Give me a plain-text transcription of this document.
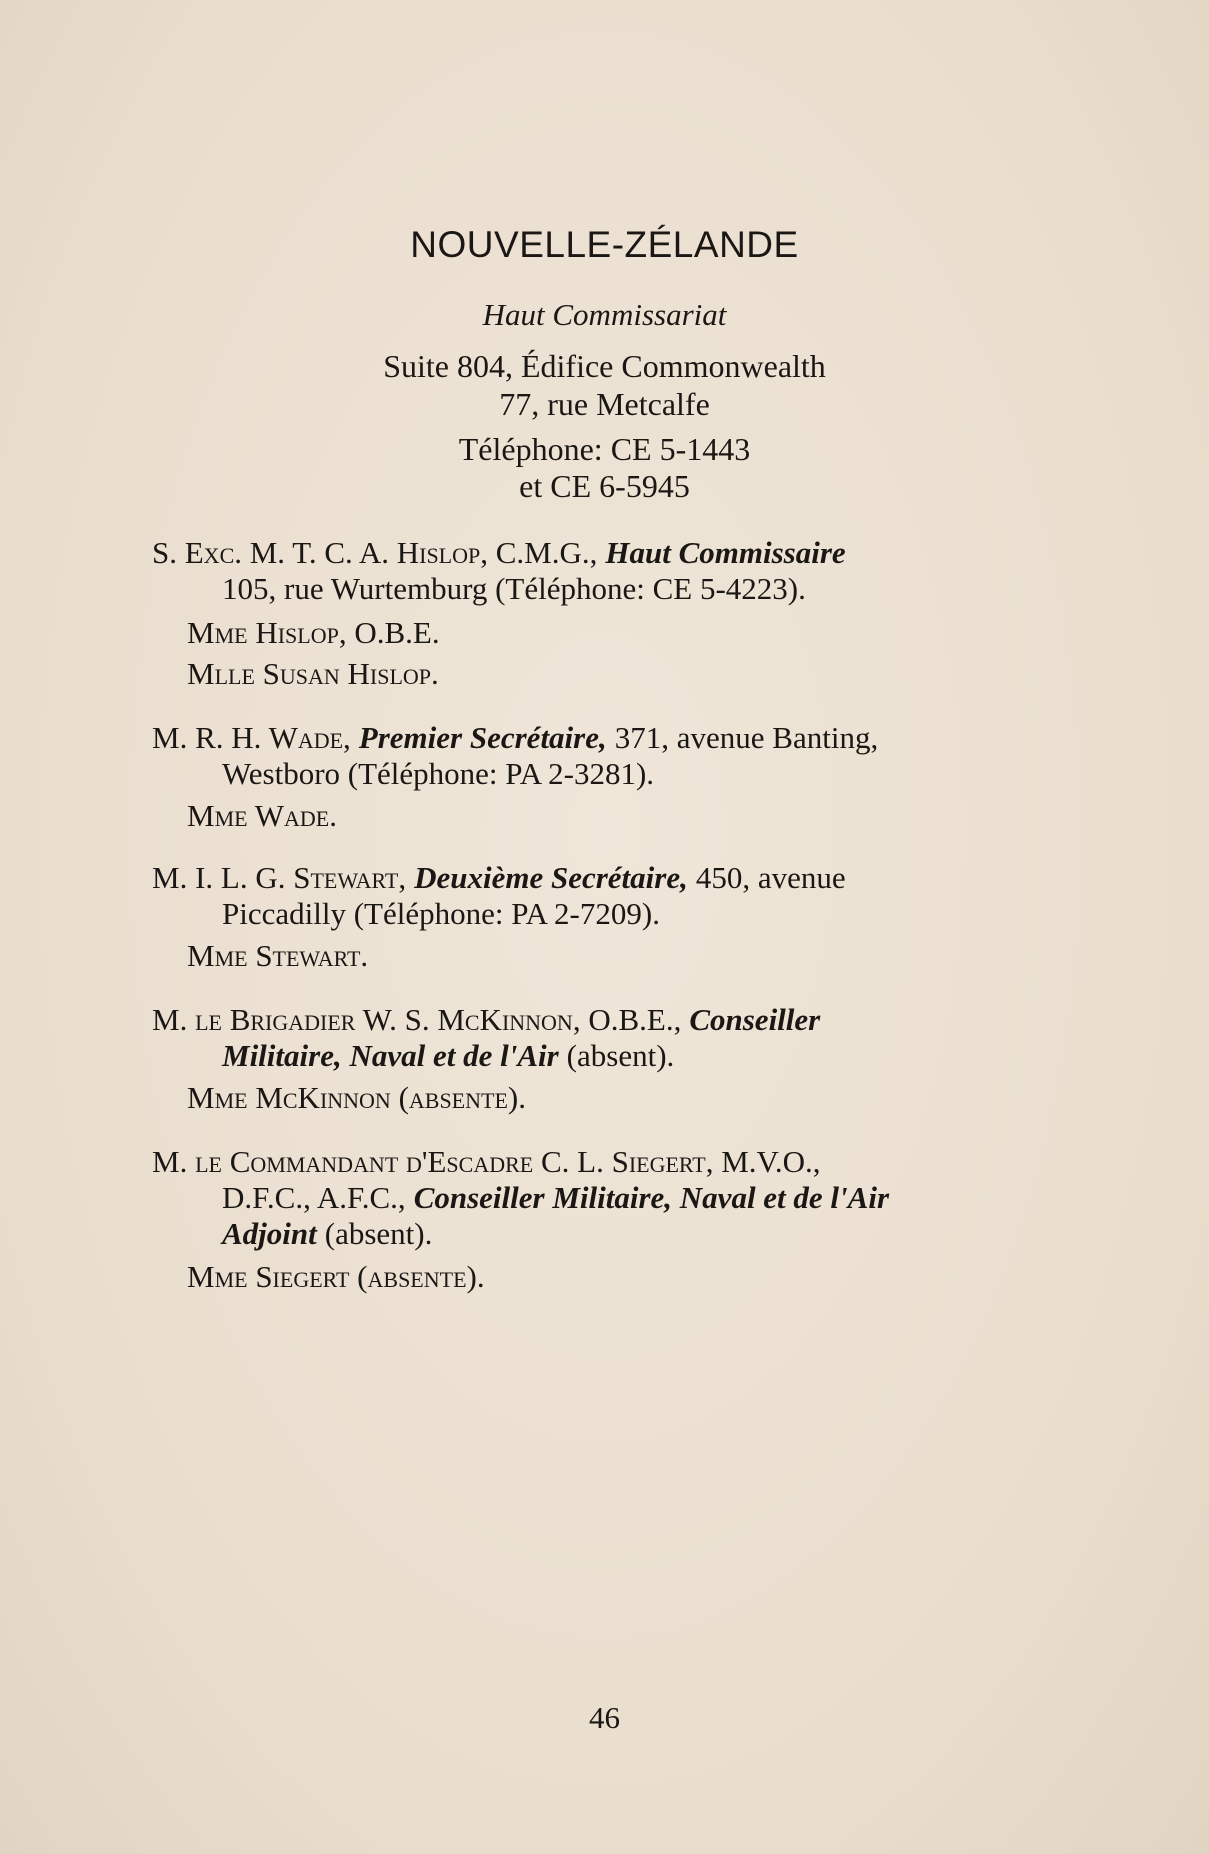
NOUVELLE-ZÉLANDE
Haut Commissariat
Suite 804, Édifice Commonwealth
77, rue Metcalfe
Téléphone: CE 5-1443
et CE 6-5945
S. Exc. M. T. C. A. Hislop, C.M.G., Haut Commissaire
105, rue Wurtemburg (Téléphone: CE 5-4223).
Mme Hislop, O.B.E.
Mlle Susan Hislop.
M. R. H. Wade, Premier Secrétaire, 371, avenue Banting,
Westboro (Téléphone: PA 2-3281).
Mme Wade.
M. I. L. G. Stewart, Deuxième Secrétaire, 450, avenue
Piccadilly (Téléphone: PA 2-7209).
Mme Stewart.
M. le Brigadier W. S. McKinnon, O.B.E., Conseiller
Militaire, Naval et de l'Air (absent).
Mme McKinnon (absente).
M. le Commandant d'Escadre C. L. Siegert, M.V.O.,
D.F.C., A.F.C., Conseiller Militaire, Naval et de l'Air
Adjoint (absent).
Mme Siegert (absente).
46
